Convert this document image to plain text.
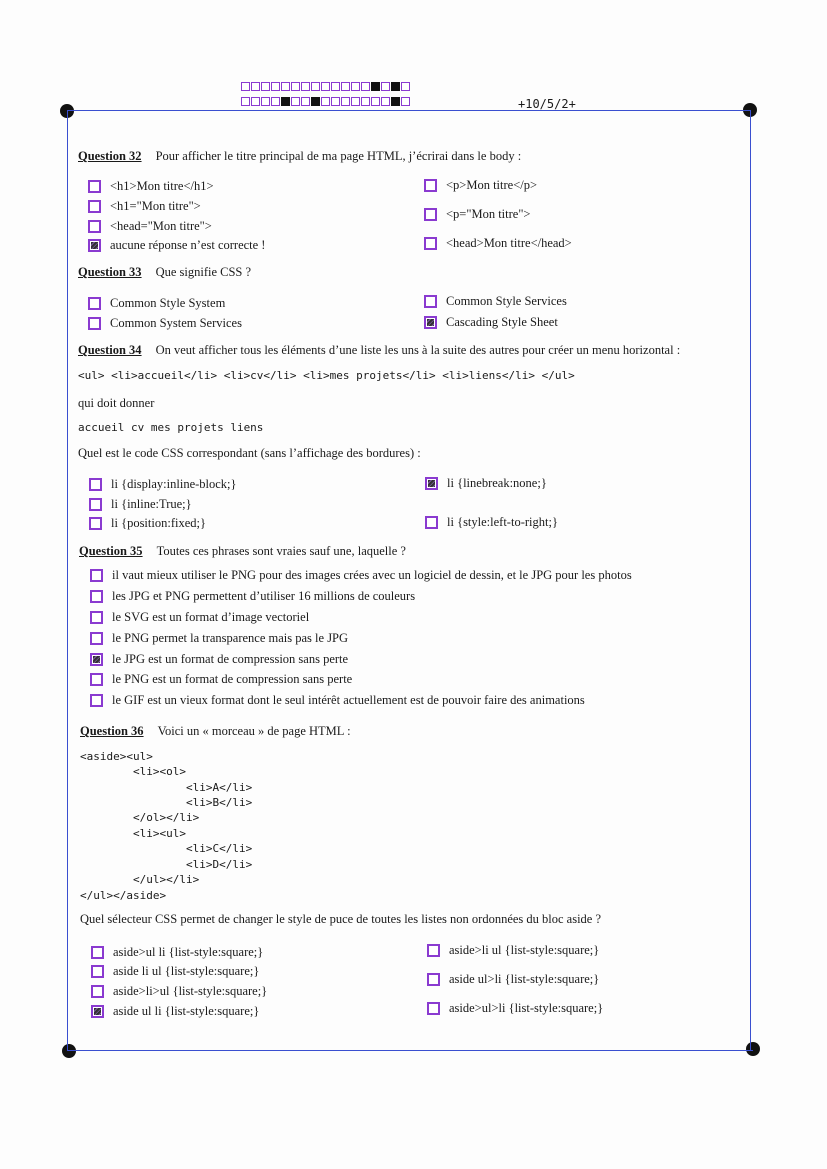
+10/5/2+
Question 32 Pour afficher le titre principal de ma page HTML, j’écrirai dans le body :
<h1>Mon titre</h1>
<h1="Mon titre">
<head="Mon titre">
aucune réponse n’est correcte !
<p>Mon titre</p>
<p="Mon titre">
<head>Mon titre</head>
Question 33 Que signifie CSS ?
Common Style System
Common System Services
Common Style Services
Cascading Style Sheet
Question 34 On veut afficher tous les éléments d’une liste les uns à la suite des autres pour créer un menu horizontal :
<ul> <li>accueil</li> <li>cv</li> <li>mes projets</li> <li>liens</li> </ul>
qui doit donner
accueil cv mes projets liens
Quel est le code CSS correspondant (sans l’affichage des bordures) :
li {display:inline-block;}
li {inline:True;}
li {position:fixed;}
li {linebreak:none;}
li {style:left-to-right;}
Question 35 Toutes ces phrases sont vraies sauf une, laquelle ?
il vaut mieux utiliser le PNG pour des images crées avec un logiciel de dessin, et le JPG pour les photos
les JPG et PNG permettent d’utiliser 16 millions de couleurs
le SVG est un format d’image vectoriel
le PNG permet la transparence mais pas le JPG
le JPG est un format de compression sans perte
le PNG est un format de compression sans perte
le GIF est un vieux format dont le seul intérêt actuellement est de pouvoir faire des animations
Question 36 Voici un « morceau » de page HTML :
<aside><ul>
<li><ol>
<li>A</li>
<li>B</li>
</ol></li>
<li><ul>
<li>C</li>
<li>D</li>
</ul></li>
</ul></aside>
Quel sélecteur CSS permet de changer le style de puce de toutes les listes non ordonnées du bloc aside ?
aside>ul li {list-style:square;}
aside li ul {list-style:square;}
aside>li>ul {list-style:square;}
aside ul li {list-style:square;}
aside>li ul {list-style:square;}
aside ul>li {list-style:square;}
aside>ul>li {list-style:square;}
